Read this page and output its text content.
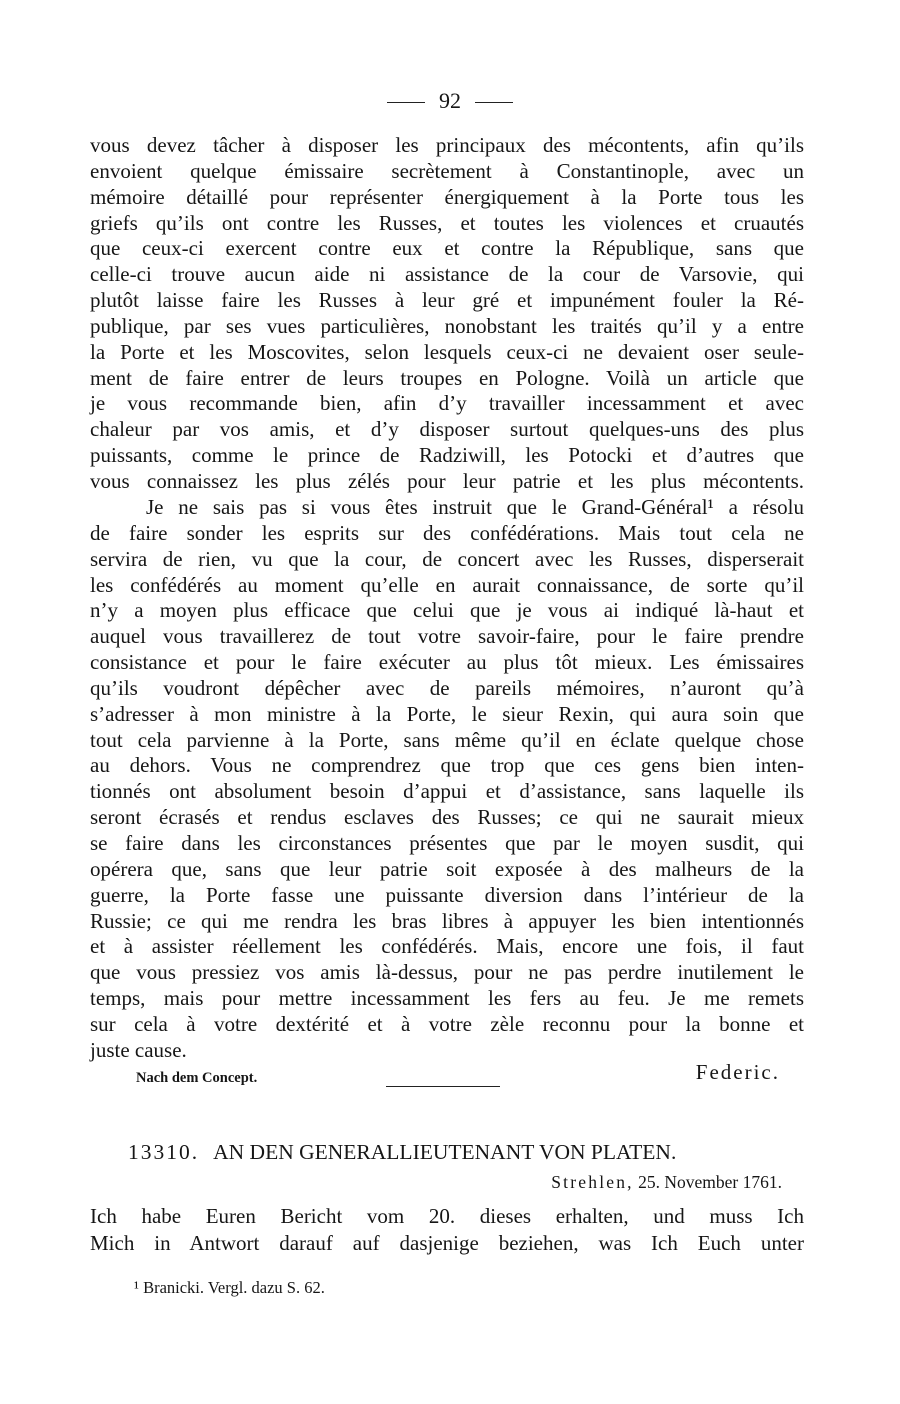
92
vous devez tâcher à disposer les principaux des mécontents, afin qu’ils
envoient quelque émissaire secrètement à Constantinople, avec un
mémoire détaillé pour représenter énergiquement à la Porte tous les
griefs qu’ils ont contre les Russes, et toutes les violences et cruautés
que ceux-ci exercent contre eux et contre la République, sans que
celle-ci trouve aucun aide ni assistance de la cour de Varsovie, qui
plutôt laisse faire les Russes à leur gré et impunément fouler la Ré-
publique, par ses vues particulières, nonobstant les traités qu’il y a entre
la Porte et les Moscovites, selon lesquels ceux-ci ne devaient oser seule-
ment de faire entrer de leurs troupes en Pologne. Voilà un article que
je vous recommande bien, afin d’y travailler incessamment et avec
chaleur par vos amis, et d’y disposer surtout quelques-uns des plus
puissants, comme le prince de Radziwill, les Potocki et d’autres que
vous connaissez les plus zélés pour leur patrie et les plus mécontents.
Je ne sais pas si vous êtes instruit que le Grand-Général¹ a résolu
de faire sonder les esprits sur des confédérations. Mais tout cela ne
servira de rien, vu que la cour, de concert avec les Russes, disperserait
les confédérés au moment qu’elle en aurait connaissance, de sorte qu’il
n’y a moyen plus efficace que celui que je vous ai indiqué là-haut et
auquel vous travaillerez de tout votre savoir-faire, pour le faire prendre
consistance et pour le faire exécuter au plus tôt mieux. Les émissaires
qu’ils voudront dépêcher avec de pareils mémoires, n’auront qu’à
s’adresser à mon ministre à la Porte, le sieur Rexin, qui aura soin que
tout cela parvienne à la Porte, sans même qu’il en éclate quelque chose
au dehors. Vous ne comprendrez que trop que ces gens bien inten-
tionnés ont absolument besoin d’appui et d’assistance, sans laquelle ils
seront écrasés et rendus esclaves des Russes; ce qui ne saurait mieux
se faire dans les circonstances présentes que par le moyen susdit, qui
opérera que, sans que leur patrie soit exposée à des malheurs de la
guerre, la Porte fasse une puissante diversion dans l’intérieur de la
Russie; ce qui me rendra les bras libres à appuyer les bien intentionnés
et à assister réellement les confédérés. Mais, encore une fois, il faut
que vous pressiez vos amis là-dessus, pour ne pas perdre inutilement le
temps, mais pour mettre incessamment les fers au feu. Je me remets
sur cela à votre dextérité et à votre zèle reconnu pour la bonne et
juste cause.
Nach dem Concept.	Federic.
13310. AN DEN GENERALLIEUTENANT VON PLATEN.
Strehlen, 25. November 1761.
Ich habe Euren Bericht vom 20. dieses erhalten, und muss Ich
Mich in Antwort darauf auf dasjenige beziehen, was Ich Euch unter
¹ Branicki. Vergl. dazu S. 62.
